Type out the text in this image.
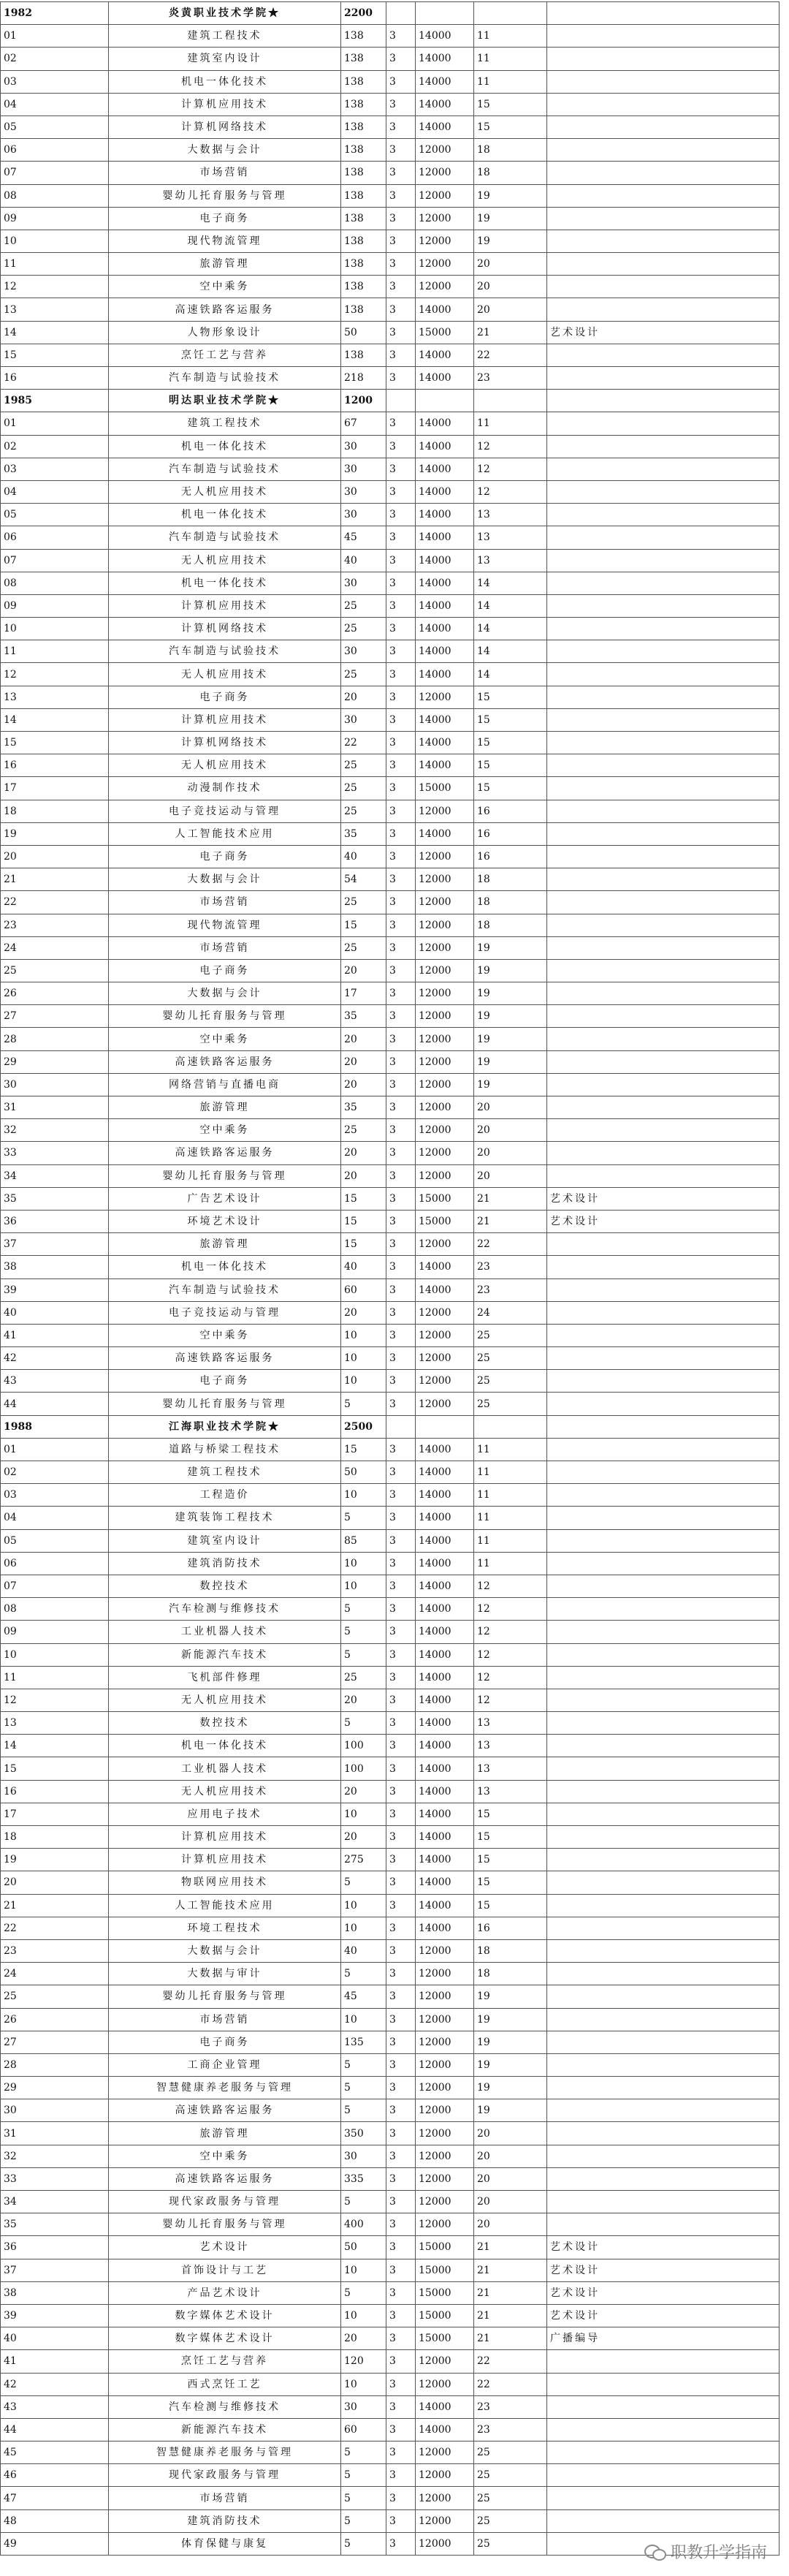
1982	炎黄职业技术学院★	2200				
01	建筑工程技术	138	3	14000	11	
02	建筑室内设计	138	3	14000	11	
03	机电一体化技术	138	3	14000	11	
04	计算机应用技术	138	3	14000	15	
05	计算机网络技术	138	3	14000	15	
06	大数据与会计	138	3	12000	18	
07	市场营销	138	3	12000	18	
08	婴幼儿托育服务与管理	138	3	12000	19	
09	电子商务	138	3	12000	19	
10	现代物流管理	138	3	12000	19	
11	旅游管理	138	3	12000	20	
12	空中乘务	138	3	12000	20	
13	高速铁路客运服务	138	3	14000	20	
14	人物形象设计	50	3	15000	21	艺术设计
15	烹饪工艺与营养	138	3	14000	22	
16	汽车制造与试验技术	218	3	14000	23	
1985	明达职业技术学院★	1200				
01	建筑工程技术	67	3	14000	11	
02	机电一体化技术	30	3	14000	12	
03	汽车制造与试验技术	30	3	14000	12	
04	无人机应用技术	30	3	14000	12	
05	机电一体化技术	30	3	14000	13	
06	汽车制造与试验技术	45	3	14000	13	
07	无人机应用技术	40	3	14000	13	
08	机电一体化技术	30	3	14000	14	
09	计算机应用技术	25	3	14000	14	
10	计算机网络技术	25	3	14000	14	
11	汽车制造与试验技术	30	3	14000	14	
12	无人机应用技术	25	3	14000	14	
13	电子商务	20	3	12000	15	
14	计算机应用技术	30	3	14000	15	
15	计算机网络技术	22	3	14000	15	
16	无人机应用技术	25	3	14000	15	
17	动漫制作技术	25	3	15000	15	
18	电子竞技运动与管理	25	3	12000	16	
19	人工智能技术应用	35	3	14000	16	
20	电子商务	40	3	12000	16	
21	大数据与会计	54	3	12000	18	
22	市场营销	25	3	12000	18	
23	现代物流管理	15	3	12000	18	
24	市场营销	25	3	12000	19	
25	电子商务	20	3	12000	19	
26	大数据与会计	17	3	12000	19	
27	婴幼儿托育服务与管理	35	3	12000	19	
28	空中乘务	20	3	12000	19	
29	高速铁路客运服务	20	3	12000	19	
30	网络营销与直播电商	20	3	12000	19	
31	旅游管理	35	3	12000	20	
32	空中乘务	25	3	12000	20	
33	高速铁路客运服务	20	3	12000	20	
34	婴幼儿托育服务与管理	20	3	12000	20	
35	广告艺术设计	15	3	15000	21	艺术设计
36	环境艺术设计	15	3	15000	21	艺术设计
37	旅游管理	15	3	12000	22	
38	机电一体化技术	40	3	14000	23	
39	汽车制造与试验技术	60	3	14000	23	
40	电子竞技运动与管理	20	3	12000	24	
41	空中乘务	10	3	12000	25	
42	高速铁路客运服务	10	3	12000	25	
43	电子商务	10	3	12000	25	
44	婴幼儿托育服务与管理	5	3	12000	25	
1988	江海职业技术学院★	2500				
01	道路与桥梁工程技术	15	3	14000	11	
02	建筑工程技术	50	3	14000	11	
03	工程造价	10	3	14000	11	
04	建筑装饰工程技术	5	3	14000	11	
05	建筑室内设计	85	3	14000	11	
06	建筑消防技术	10	3	14000	11	
07	数控技术	10	3	14000	12	
08	汽车检测与维修技术	5	3	14000	12	
09	工业机器人技术	5	3	14000	12	
10	新能源汽车技术	5	3	14000	12	
11	飞机部件修理	25	3	14000	12	
12	无人机应用技术	20	3	14000	12	
13	数控技术	5	3	14000	13	
14	机电一体化技术	100	3	14000	13	
15	工业机器人技术	100	3	14000	13	
16	无人机应用技术	20	3	14000	13	
17	应用电子技术	10	3	14000	15	
18	计算机应用技术	20	3	14000	15	
19	计算机应用技术	275	3	14000	15	
20	物联网应用技术	5	3	14000	15	
21	人工智能技术应用	10	3	14000	15	
22	环境工程技术	10	3	14000	16	
23	大数据与会计	40	3	12000	18	
24	大数据与审计	5	3	12000	18	
25	婴幼儿托育服务与管理	45	3	12000	19	
26	市场营销	10	3	12000	19	
27	电子商务	135	3	12000	19	
28	工商企业管理	5	3	12000	19	
29	智慧健康养老服务与管理	5	3	12000	19	
30	高速铁路客运服务	5	3	12000	19	
31	旅游管理	350	3	12000	20	
32	空中乘务	30	3	12000	20	
33	高速铁路客运服务	335	3	12000	20	
34	现代家政服务与管理	5	3	12000	20	
35	婴幼儿托育服务与管理	400	3	12000	20	
36	艺术设计	50	3	15000	21	艺术设计
37	首饰设计与工艺	10	3	15000	21	艺术设计
38	产品艺术设计	5	3	15000	21	艺术设计
39	数字媒体艺术设计	10	3	15000	21	艺术设计
40	数字媒体艺术设计	20	3	15000	21	广播编导
41	烹饪工艺与营养	120	3	12000	22	
42	西式烹饪工艺	10	3	12000	22	
43	汽车检测与维修技术	30	3	14000	23	
44	新能源汽车技术	60	3	14000	23	
45	智慧健康养老服务与管理	5	3	12000	25	
46	现代家政服务与管理	5	3	12000	25	
47	市场营销	5	3	12000	25	
48	建筑消防技术	5	3	12000	25	
49	体育保健与康复	5	3	12000	25	
职教升学指南
